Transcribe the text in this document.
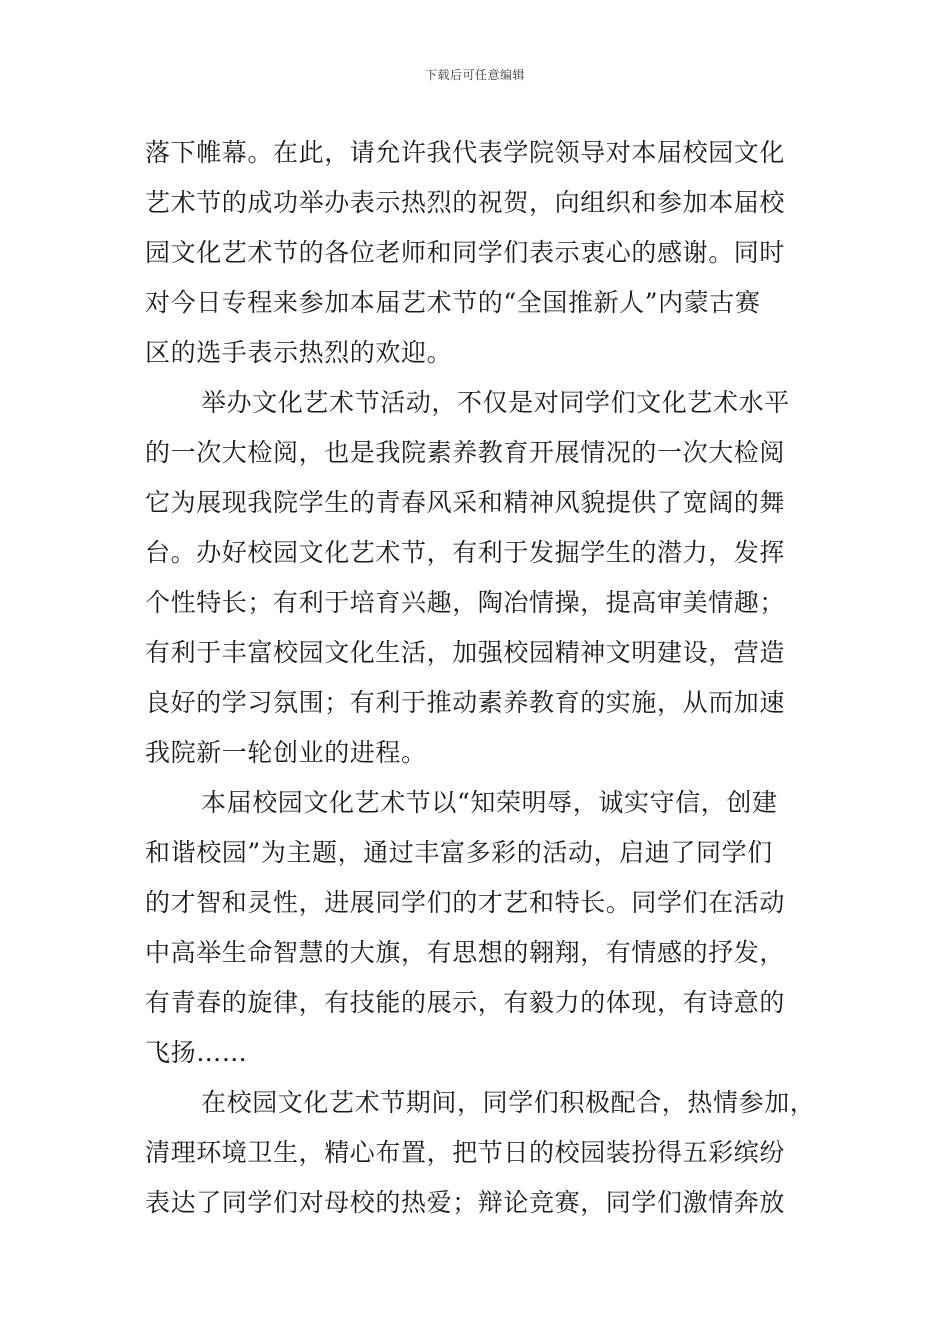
下载后可任意编辑
落下帷幕。在此，请允许我代表学院领导对本届校园文化
艺术节的成功举办表示热烈的祝贺，向组织和参加本届校
园文化艺术节的各位老师和同学们表示衷心的感谢。同时
对今日专程来参加本届艺术节的“全国推新人”内蒙古赛
区的选手表示热烈的欢迎。
举办文化艺术节活动，不仅是对同学们文化艺术水平
的一次大检阅，也是我院素养教育开展情况的一次大检阅
它为展现我院学生的青春风采和精神风貌提供了宽阔的舞
台。办好校园文化艺术节，有利于发掘学生的潜力，发挥
个性特长；有利于培育兴趣，陶冶情操，提高审美情趣；
有利于丰富校园文化生活，加强校园精神文明建设，营造
良好的学习氛围；有利于推动素养教育的实施，从而加速
我院新一轮创业的进程。
本届校园文化艺术节以“知荣明辱，诚实守信，创建
和谐校园”为主题，通过丰富多彩的活动，启迪了同学们
的才智和灵性，进展同学们的才艺和特长。同学们在活动
中高举生命智慧的大旗，有思想的翱翔，有情感的抒发，
有青春的旋律，有技能的展示，有毅力的体现，有诗意的
飞扬……
在校园文化艺术节期间，同学们积极配合，热情参加，
清理环境卫生，精心布置，把节日的校园装扮得五彩缤纷
表达了同学们对母校的热爱；辩论竞赛，同学们激情奔放
